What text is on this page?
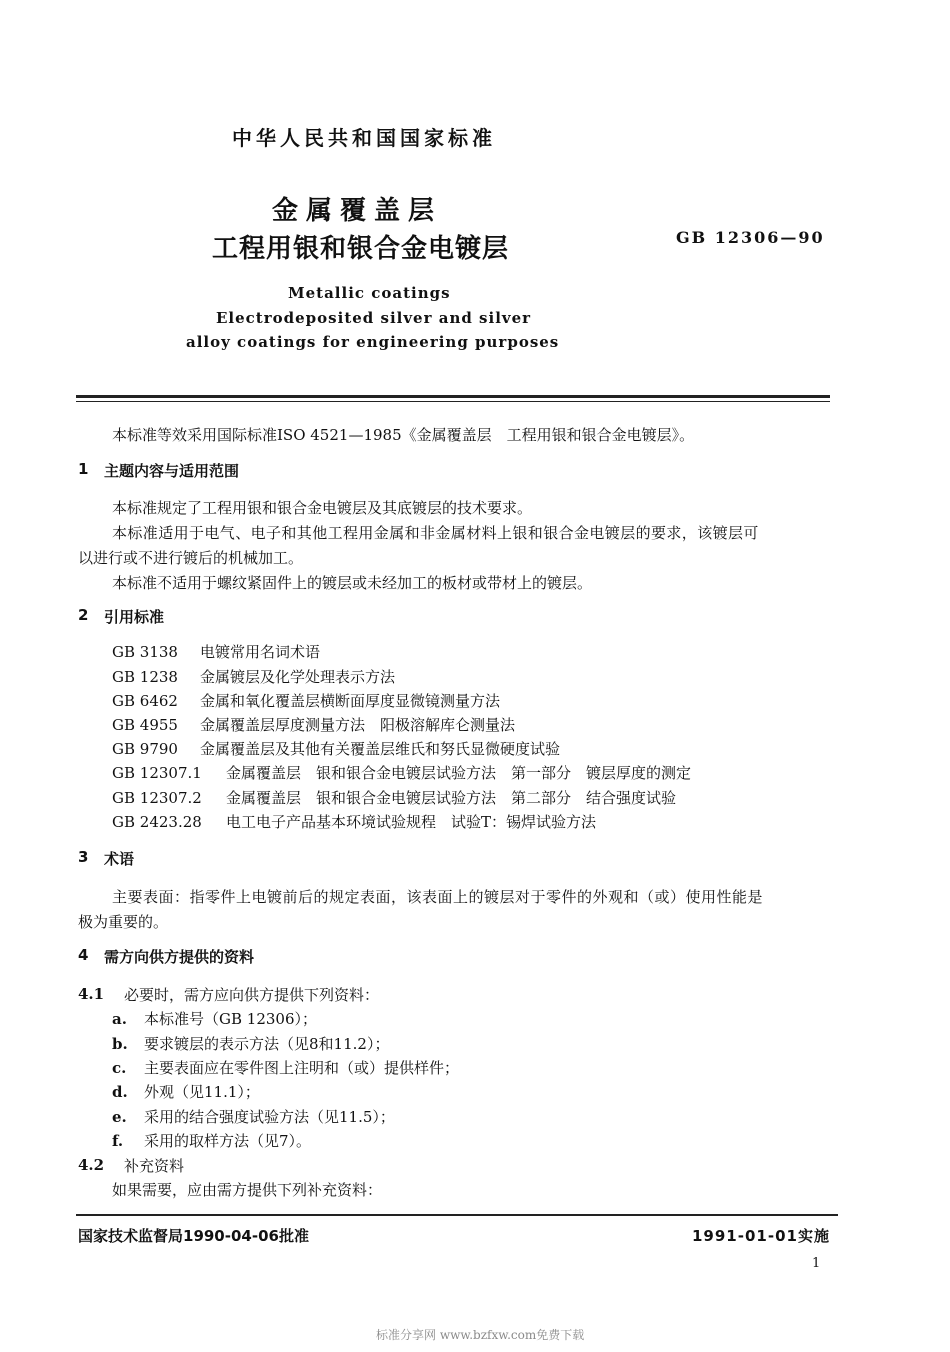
中华人民共和国国家标准
金属覆盖层
工程用银和银合金电镀层	GB 12306—90
Metallic coatings
Electrodeposited silver and silver
alloy coatings for engineering purposes
本标准等效采用国际标准ISO 4521—1985《金属覆盖层　工程用银和银合金电镀层》。
1 主题内容与适用范围
本标准规定了工程用银和银合金电镀层及其底镀层的技术要求。
本标准适用于电气、电子和其他工程用金属和非金属材料上银和银合金电镀层的要求，该镀层可
以进行或不进行镀后的机械加工。
本标准不适用于螺纹紧固件上的镀层或未经加工的板材或带材上的镀层。
2 引用标准
GB 3138 电镀常用名词术语
GB 1238 金属镀层及化学处理表示方法
GB 6462 金属和氧化覆盖层横断面厚度显微镜测量方法
GB 4955 金属覆盖层厚度测量方法　阳极溶解库仑测量法
GB 9790 金属覆盖层及其他有关覆盖层维氏和努氏显微硬度试验
GB 12307.1 金属覆盖层　银和银合金电镀层试验方法　第一部分　镀层厚度的测定
GB 12307.2 金属覆盖层　银和银合金电镀层试验方法　第二部分　结合强度试验
GB 2423.28 电工电子产品基本环境试验规程　试验T：锡焊试验方法
3 术语
主要表面：指零件上电镀前后的规定表面，该表面上的镀层对于零件的外观和（或）使用性能是
极为重要的。
4 需方向供方提供的资料
4.1 必要时，需方应向供方提供下列资料：
a. 本标准号（GB 12306）；
b. 要求镀层的表示方法（见8和11.2）；
c. 主要表面应在零件图上注明和（或）提供样件；
d. 外观（见11.1）；
e. 采用的结合强度试验方法（见11.5）；
f. 采用的取样方法（见7）。
4.2 补充资料
如果需要，应由需方提供下列补充资料：
国家技术监督局1990-04-06批准	1991-01-01实施
1
标准分享网 www.bzfxw.com免费下载
